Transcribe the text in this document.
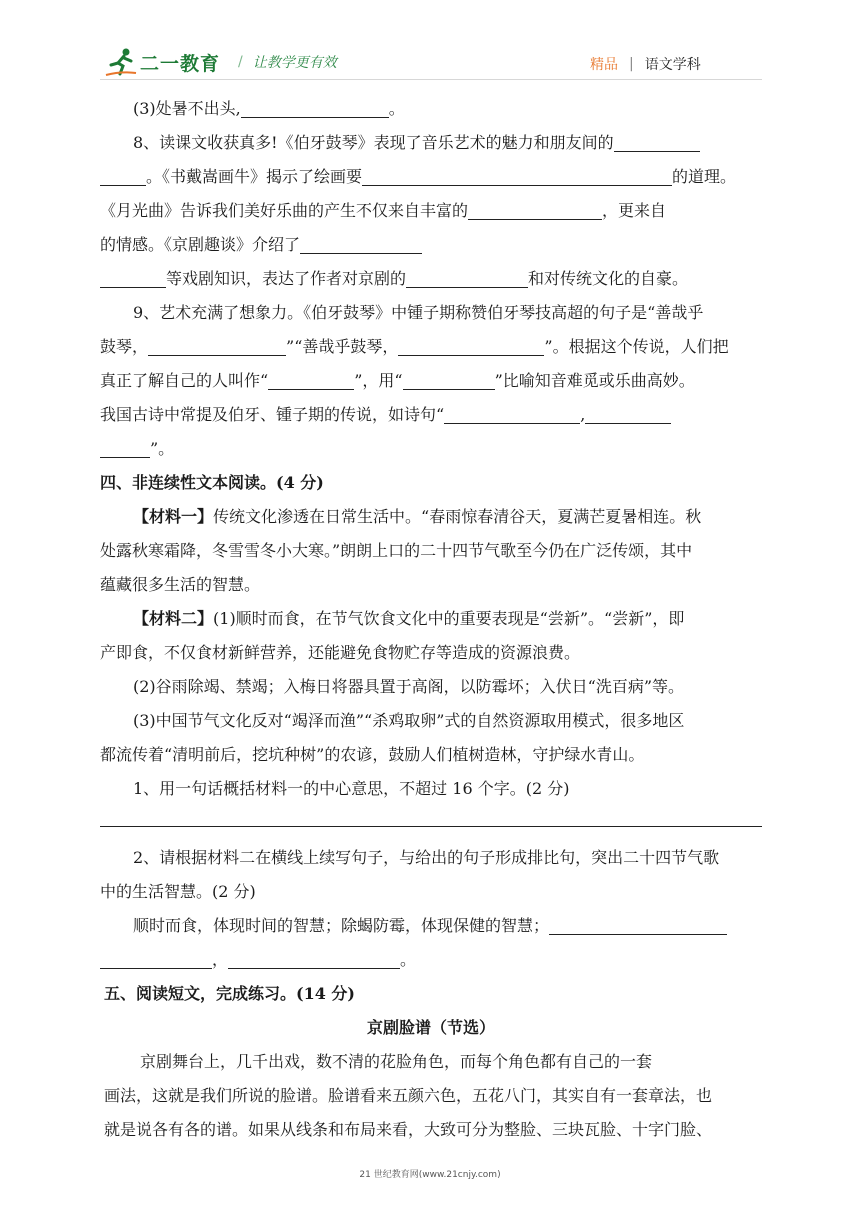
二一教育 / 让教学更有效	精品 | 语文学科

(3)处暑不出头,	。

8、读课文收获真多!《伯牙鼓琴》表现了音乐艺术的魅力和朋友间的

。《书戴嵩画牛》揭示了绘画要	的道理。

《月光曲》告诉我们美好乐曲的产生不仅来自丰富的	，更来自

的情感。《京剧趣谈》介绍了

等戏剧知识，表达了作者对京剧的	和对传统文化的自豪。

9、艺术充满了想象力。《伯牙鼓琴》中锺子期称赞伯牙琴技高超的句子是“善哉乎

鼓琴，	”“善哉乎鼓琴，	”。根据这个传说，人们把

真正了解自己的人叫作“	”，用“	”比喻知音难觅或乐曲高妙。

我国古诗中常提及伯牙、锺子期的传说，如诗句“	,

”。

四、非连续性文本阅读。(4 分)

【材料一】传统文化渗透在日常生活中。“春雨惊春清谷天，夏满芒夏暑相连。秋

处露秋寒霜降，冬雪雪冬小大寒。”朗朗上口的二十四节气歌至今仍在广泛传颂，其中

蕴藏很多生活的智慧。

【材料二】(1)顺时而食，在节气饮食文化中的重要表现是“尝新”。“尝新”，即

产即食，不仅食材新鲜营养，还能避免食物贮存等造成的资源浪费。

(2)谷雨除竭、禁竭；入梅日将器具置于高阁，以防霉坏；入伏日“洗百病”等。

(3)中国节气文化反对“竭泽而渔”“杀鸡取卵”式的自然资源取用模式，很多地区

都流传着“清明前后，挖坑种树”的农谚，鼓励人们植树造林，守护绿水青山。

1、用一句话概括材料一的中心意思，不超过 16 个字。(2 分)

2、请根据材料二在横线上续写句子，与给出的句子形成排比句，突出二十四节气歌

中的生活智慧。(2 分)

顺时而食，体现时间的智慧；除蝎防霉，体现保健的智慧；

，	。

五、阅读短文，完成练习。(14 分)

京剧脸谱（节选）

京剧舞台上，几千出戏，数不清的花脸角色，而每个角色都有自己的一套

画法，这就是我们所说的脸谱。脸谱看来五颜六色，五花八门，其实自有一套章法，也

就是说各有各的谱。如果从线条和布局来看，大致可分为整脸、三块瓦脸、十字门脸、

21 世纪教育网(www.21cnjy.com)
